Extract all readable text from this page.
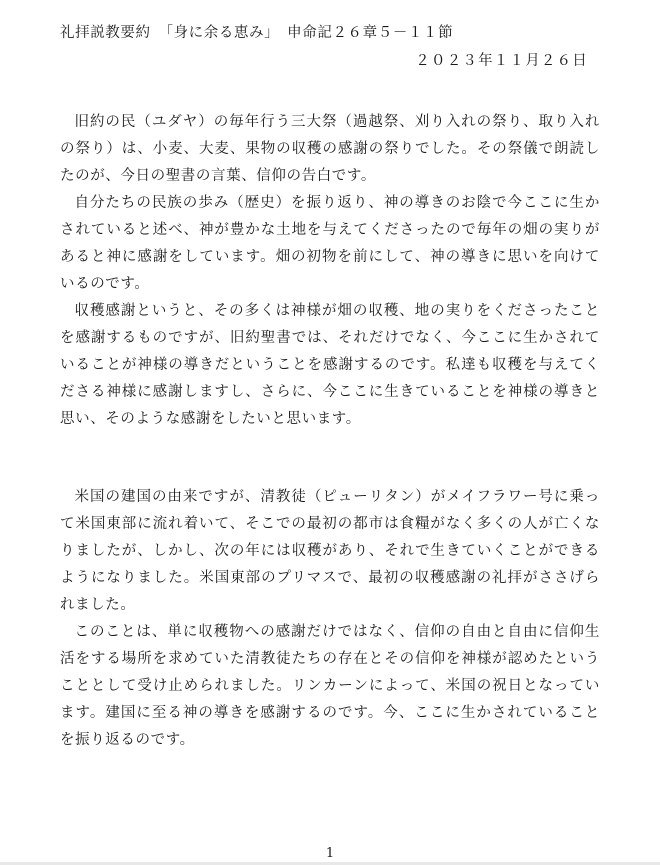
礼拝説教要約　 「身に余る恵み」　 申命記２６章５－１１節
２０２３年１１月２６日

旧約の民（ユダヤ）の毎年行う三大祭（過越祭、刈り入れの祭り、取り入れの祭り）は、小麦、大麦、果物の収穫の感謝の祭りでした。その祭儀で朗読したのが、今日の聖書の言葉、信仰の告白です。

自分たちの民族の歩み（歴史）を振り返り、神の導きのお陰で今ここに生かされていると述べ、神が豊かな土地を与えてくださったので毎年の畑の実りがあると神に感謝をしています。畑の初物を前にして、神の導きに思いを向けているのです。

収穫感謝というと、その多くは神様が畑の収穫、地の実りをくださったことを感謝するものですが、旧約聖書では、それだけでなく、今ここに生かされていることが神様の導きだということを感謝するのです。私達も収穫を与えてくださる神様に感謝しますし、さらに、今ここに生きていることを神様の導きと思い、そのような感謝をしたいと思います。

米国の建国の由来ですが、清教徒（ピューリタン）がメイフラワー号に乗って米国東部に流れ着いて、そこでの最初の都市は食糧がなく多くの人が亡くなりましたが、しかし、次の年には収穫があり、それで生きていくことができるようになりました。米国東部のプリマスで、最初の収穫感謝の礼拝がささげられました。

このことは、単に収穫物への感謝だけではなく、信仰の自由と自由に信仰生活をする場所を求めていた清教徒たちの存在とその信仰を神様が認めたということとして受け止められました。リンカーンによって、米国の祝日となっています。建国に至る神の導きを感謝するのです。今、ここに生かされていることを振り返るのです。

1
